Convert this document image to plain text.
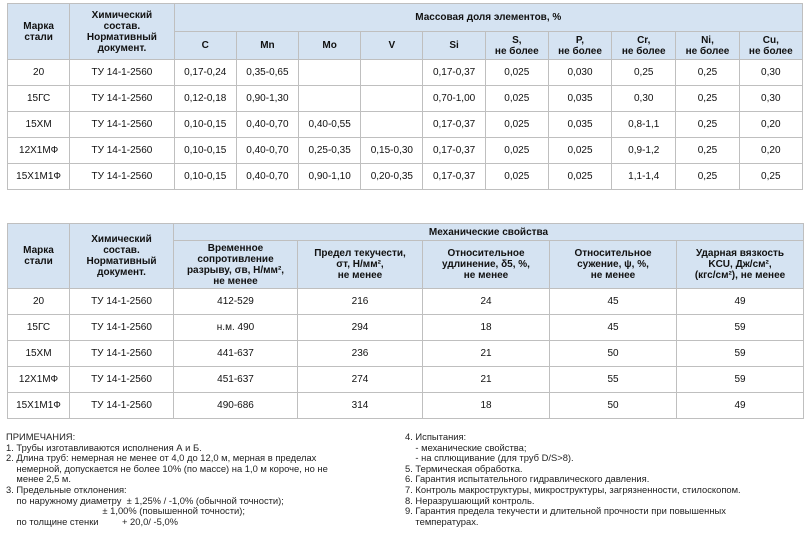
Марка
стали	Химический
состав.
Нормативный
документ.	Массовая доля элементов, %									
		C	Mn	Mo	V	Si	S,
не более	P,
не более	Cr,
не более	Ni,
не более	Cu,
не более
20	ТУ 14-1-2560	0,17-0,24	0,35-0,65			0,17-0,37	0,025	0,030	0,25	0,25	0,30
15ГС	ТУ 14-1-2560	0,12-0,18	0,90-1,30			0,70-1,00	0,025	0,035	0,30	0,25	0,30
15ХМ	ТУ 14-1-2560	0,10-0,15	0,40-0,70	0,40-0,55		0,17-0,37	0,025	0,035	0,8-1,1	0,25	0,20
12Х1МФ	ТУ 14-1-2560	0,10-0,15	0,40-0,70	0,25-0,35	0,15-0,30	0,17-0,37	0,025	0,025	0,9-1,2	0,25	0,20
15Х1М1Ф	ТУ 14-1-2560	0,10-0,15	0,40-0,70	0,90-1,10	0,20-0,35	0,17-0,37	0,025	0,025	1,1-1,4	0,25	0,25
Марка
стали	Химический
состав.
Нормативный
документ.	Механические свойства				
		Временное
сопротивление
разрыву, σв, Н/мм²,
не менее	Предел текучести,
σт, Н/мм²,
не менее	Относительное
удлинение, δ5, %,
не менее	Относительное
сужение, ψ, %,
не менее	Ударная вязкость
KCU, Дж/см²,
(кгс/см²), не менее
20	ТУ 14-1-2560	412-529	216	24	45	49
15ГС	ТУ 14-1-2560	н.м. 490	294	18	45	59
15ХМ	ТУ 14-1-2560	441-637	236	21	50	59
12Х1МФ	ТУ 14-1-2560	451-637	274	21	55	59
15Х1М1Ф	ТУ 14-1-2560	490-686	314	18	50	49
ПРИМЕЧАНИЯ:
1. Трубы изготавливаются исполнения А и Б.
2. Длина труб: немерная не менее от 4,0 до 12,0 м, мерная в пределах
немерной, допускается не более 10% (по массе) на 1,0 м короче, но не
менее 2,5 м.
3. Предельные отклонения:
по наружному диаметру  ± 1,25% / -1,0% (обычной точности);
± 1,00% (повышенной точности);
по толщине стенки         + 20,0/ -5,0%
4. Испытания:
- механические свойства;
- на сплющивание (для труб D/S>8).
5. Термическая обработка.
6. Гарантия испытательного гидравлического давления.
7. Контроль макроструктуры, микроструктуры, загрязненности, стилоскопом.
8. Неразрушающий контроль.
9. Гарантия предела текучести и длительной прочности при повышенных
температурах.
